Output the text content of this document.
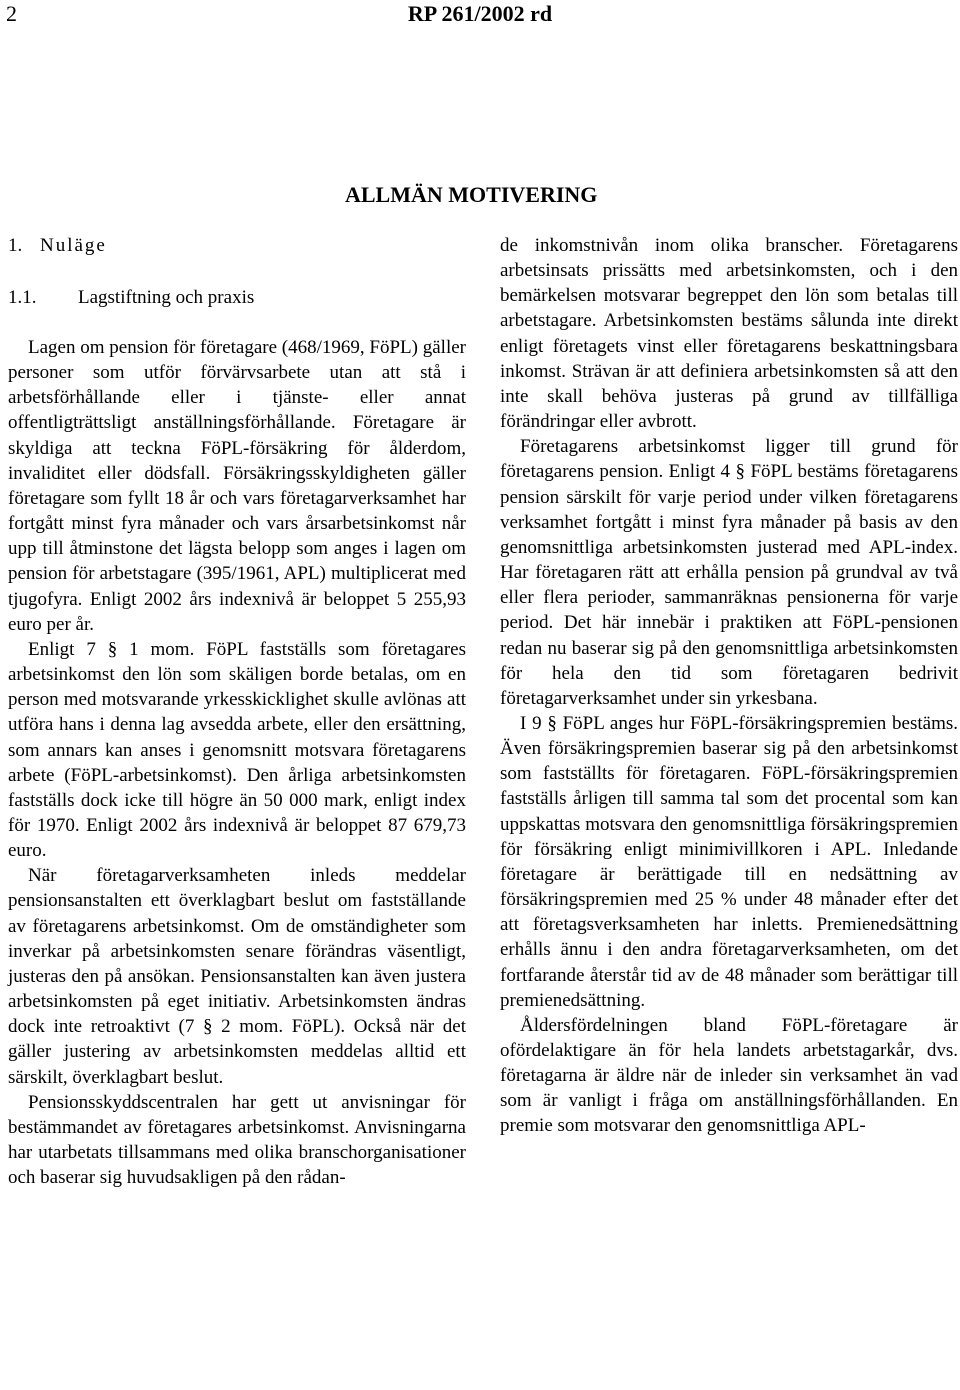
2	RP 261/2002 rd
ALLMÄN MOTIVERING
1. Nuläge
1.1. Lagstiftning och praxis

Lagen om pension för företagare (468/1969, FöPL) gäller personer som utför förvärvsarbete utan att stå i arbetsförhållande eller i tjänste- eller annat offentligträttsligt anställningsförhållande. Företagare är skyldiga att teckna FöPL-försäkring för ålderdom, invaliditet eller dödsfall. Försäkringsskyldigheten gäller företagare som fyllt 18 år och vars företagarverksamhet har fortgått minst fyra månader och vars årsarbetsinkomst når upp till åtminstone det lägsta belopp som anges i lagen om pension för arbetstagare (395/1961, APL) multiplicerat med tjugofyra. Enligt 2002 års indexnivå är beloppet 5 255,93 euro per år.

Enligt 7 § 1 mom. FöPL fastställs som företagares arbetsinkomst den lön som skäligen borde betalas, om en person med motsvarande yrkesskicklighet skulle avlönas att utföra hans i denna lag avsedda arbete, eller den ersättning, som annars kan anses i genomsnitt motsvara företagarens arbete (FöPL-arbetsinkomst). Den årliga arbetsinkomsten fastställs dock icke till högre än 50 000 mark, enligt index för 1970. Enligt 2002 års indexnivå är beloppet 87 679,73 euro.

När företagarverksamheten inleds meddelar pensionsanstalten ett överklagbart beslut om fastställande av företagarens arbetsinkomst. Om de omständigheter som inverkar på arbetsinkomsten senare förändras väsentligt, justeras den på ansökan. Pensionsanstalten kan även justera arbetsinkomsten på eget initiativ. Arbetsinkomsten ändras dock inte retroaktivt (7 § 2 mom. FöPL). Också när det gäller justering av arbetsinkomsten meddelas alltid ett särskilt, överklagbart beslut.

Pensionsskyddscentralen har gett ut anvisningar för bestämmandet av företagares arbetsinkomst. Anvisningarna har utarbetats tillsammans med olika branschorganisationer och baserar sig huvudsakligen på den rådan-

de inkomstnivån inom olika branscher. Företagarens arbetsinsats prissätts med arbetsinkomsten, och i den bemärkelsen motsvarar begreppet den lön som betalas till arbetstagare. Arbetsinkomsten bestäms sålunda inte direkt enligt företagets vinst eller företagarens beskattningsbara inkomst. Strävan är att definiera arbetsinkomsten så att den inte skall behöva justeras på grund av tillfälliga förändringar eller avbrott.

Företagarens arbetsinkomst ligger till grund för företagarens pension. Enligt 4 § FöPL bestäms företagarens pension särskilt för varje period under vilken företagarens verksamhet fortgått i minst fyra månader på basis av den genomsnittliga arbetsinkomsten justerad med APL-index. Har företagaren rätt att erhålla pension på grundval av två eller flera perioder, sammanräknas pensionerna för varje period. Det här innebär i praktiken att FöPL-pensionen redan nu baserar sig på den genomsnittliga arbetsinkomsten för hela den tid som företagaren bedrivit företagarverksamhet under sin yrkesbana.

I 9 § FöPL anges hur FöPL-försäkringspremien bestäms. Även försäkringspremien baserar sig på den arbetsinkomst som fastställts för företagaren. FöPL-försäkringspremien fastställs årligen till samma tal som det procental som kan uppskattas motsvara den genomsnittliga försäkringspremien för försäkring enligt minimivillkoren i APL. Inledande företagare är berättigade till en nedsättning av försäkringspremien med 25 % under 48 månader efter det att företagsverksamheten har inletts. Premienedsättning erhålls ännu i den andra företagarverksamheten, om det fortfarande återstår tid av de 48 månader som berättigar till premienedsättning.

Åldersfördelningen bland FöPL-företagare är ofördelaktigare än för hela landets arbetstagarkår, dvs. företagarna är äldre när de inleder sin verksamhet än vad som är vanligt i fråga om anställningsförhållanden. En premie som motsvarar den genomsnittliga APL-
